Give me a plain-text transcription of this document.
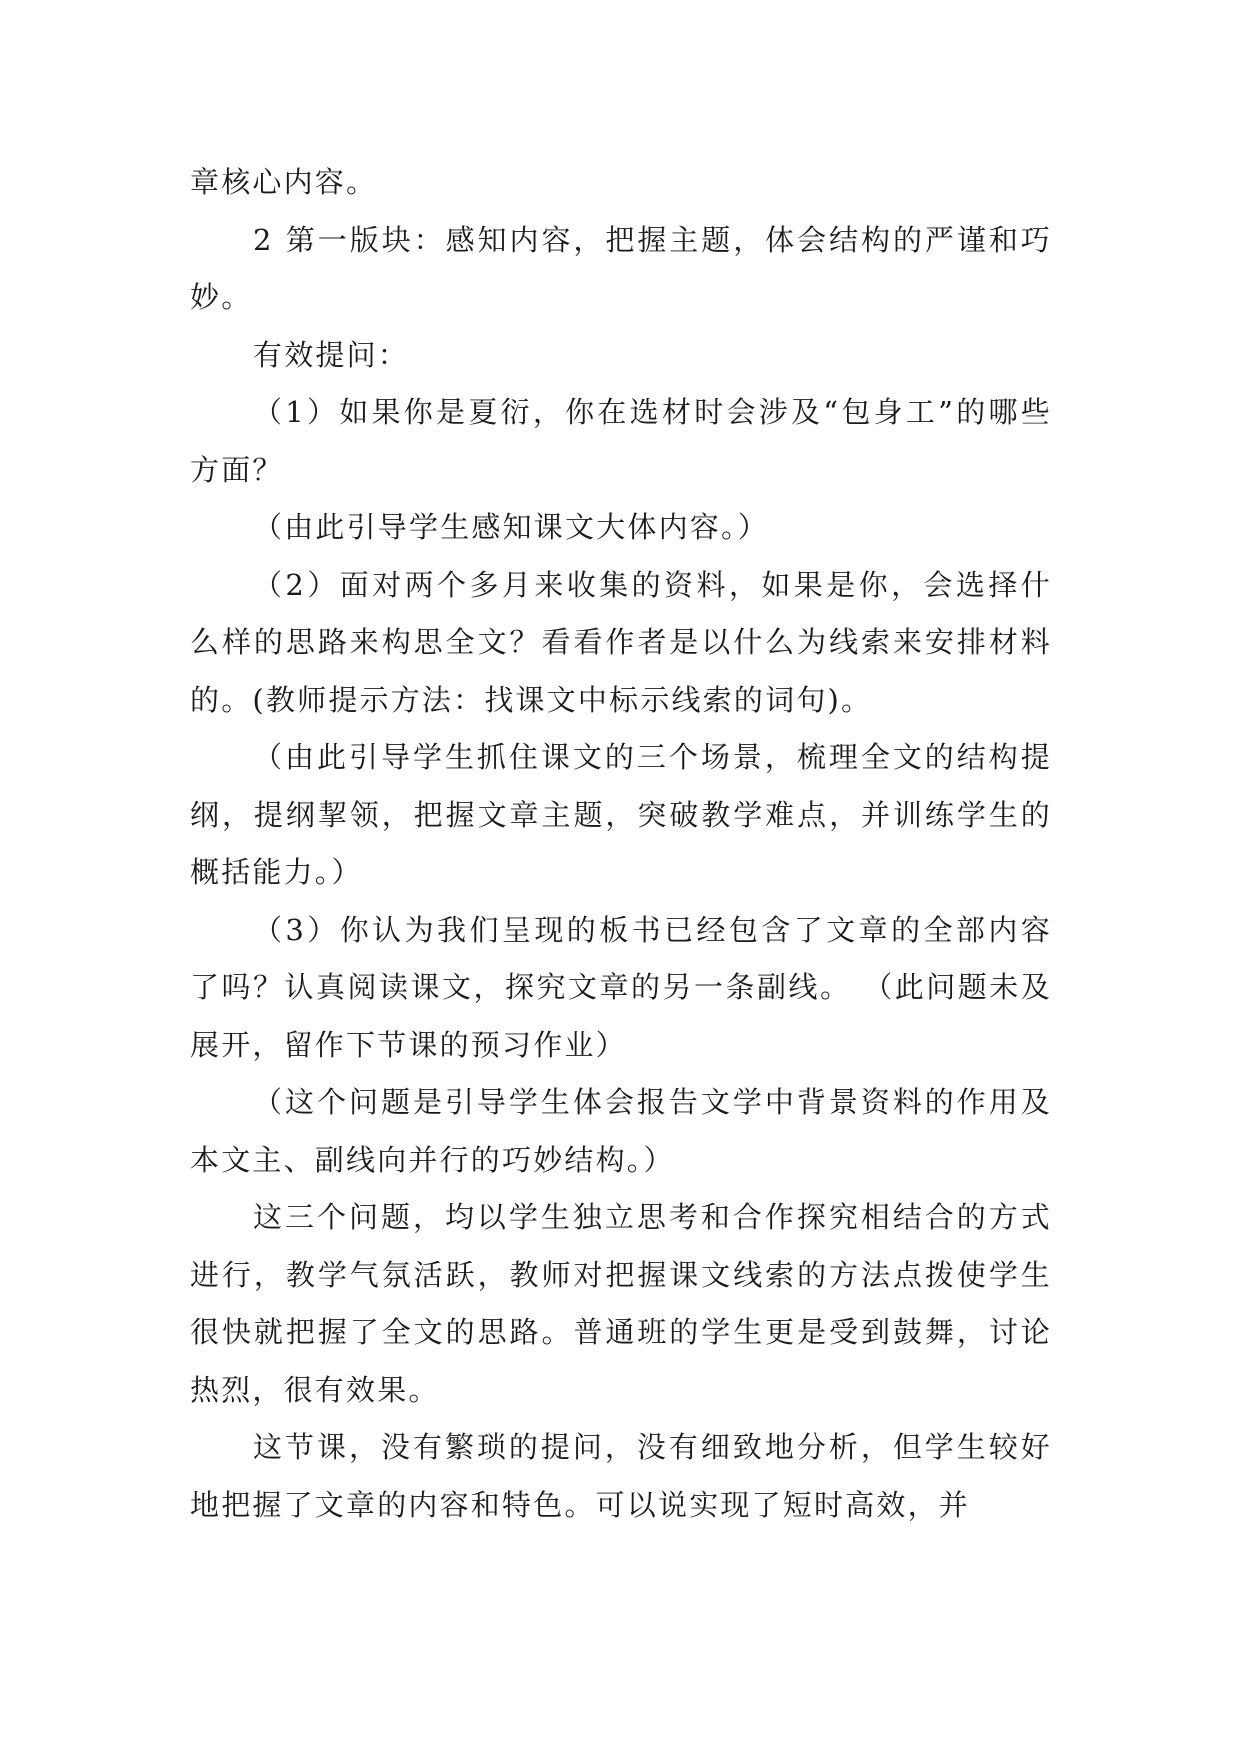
章核心内容。

2 第一版块：感知内容，把握主题，体会结构的严谨和巧妙。

有效提问：

（1）如果你是夏衍，你在选材时会涉及“包身工”的哪些方面？

（由此引导学生感知课文大体内容。）

（2）面对两个多月来收集的资料，如果是你，会选择什么样的思路来构思全文？看看作者是以什么为线索来安排材料的。(教师提示方法：找课文中标示线索的词句)。

（由此引导学生抓住课文的三个场景，梳理全文的结构提纲，提纲挈领，把握文章主题，突破教学难点，并训练学生的概括能力。）

（3）你认为我们呈现的板书已经包含了文章的全部内容了吗？认真阅读课文，探究文章的另一条副线。 （此问题未及展开，留作下节课的预习作业）

（这个问题是引导学生体会报告文学中背景资料的作用及本文主、副线向并行的巧妙结构。）

这三个问题，均以学生独立思考和合作探究相结合的方式进行，教学气氛活跃，教师对把握课文线索的方法点拨使学生很快就把握了全文的思路。普通班的学生更是受到鼓舞，讨论热烈，很有效果。

这节课，没有繁琐的提问，没有细致地分析，但学生较好地把握了文章的内容和特色。可以说实现了短时高效，并
